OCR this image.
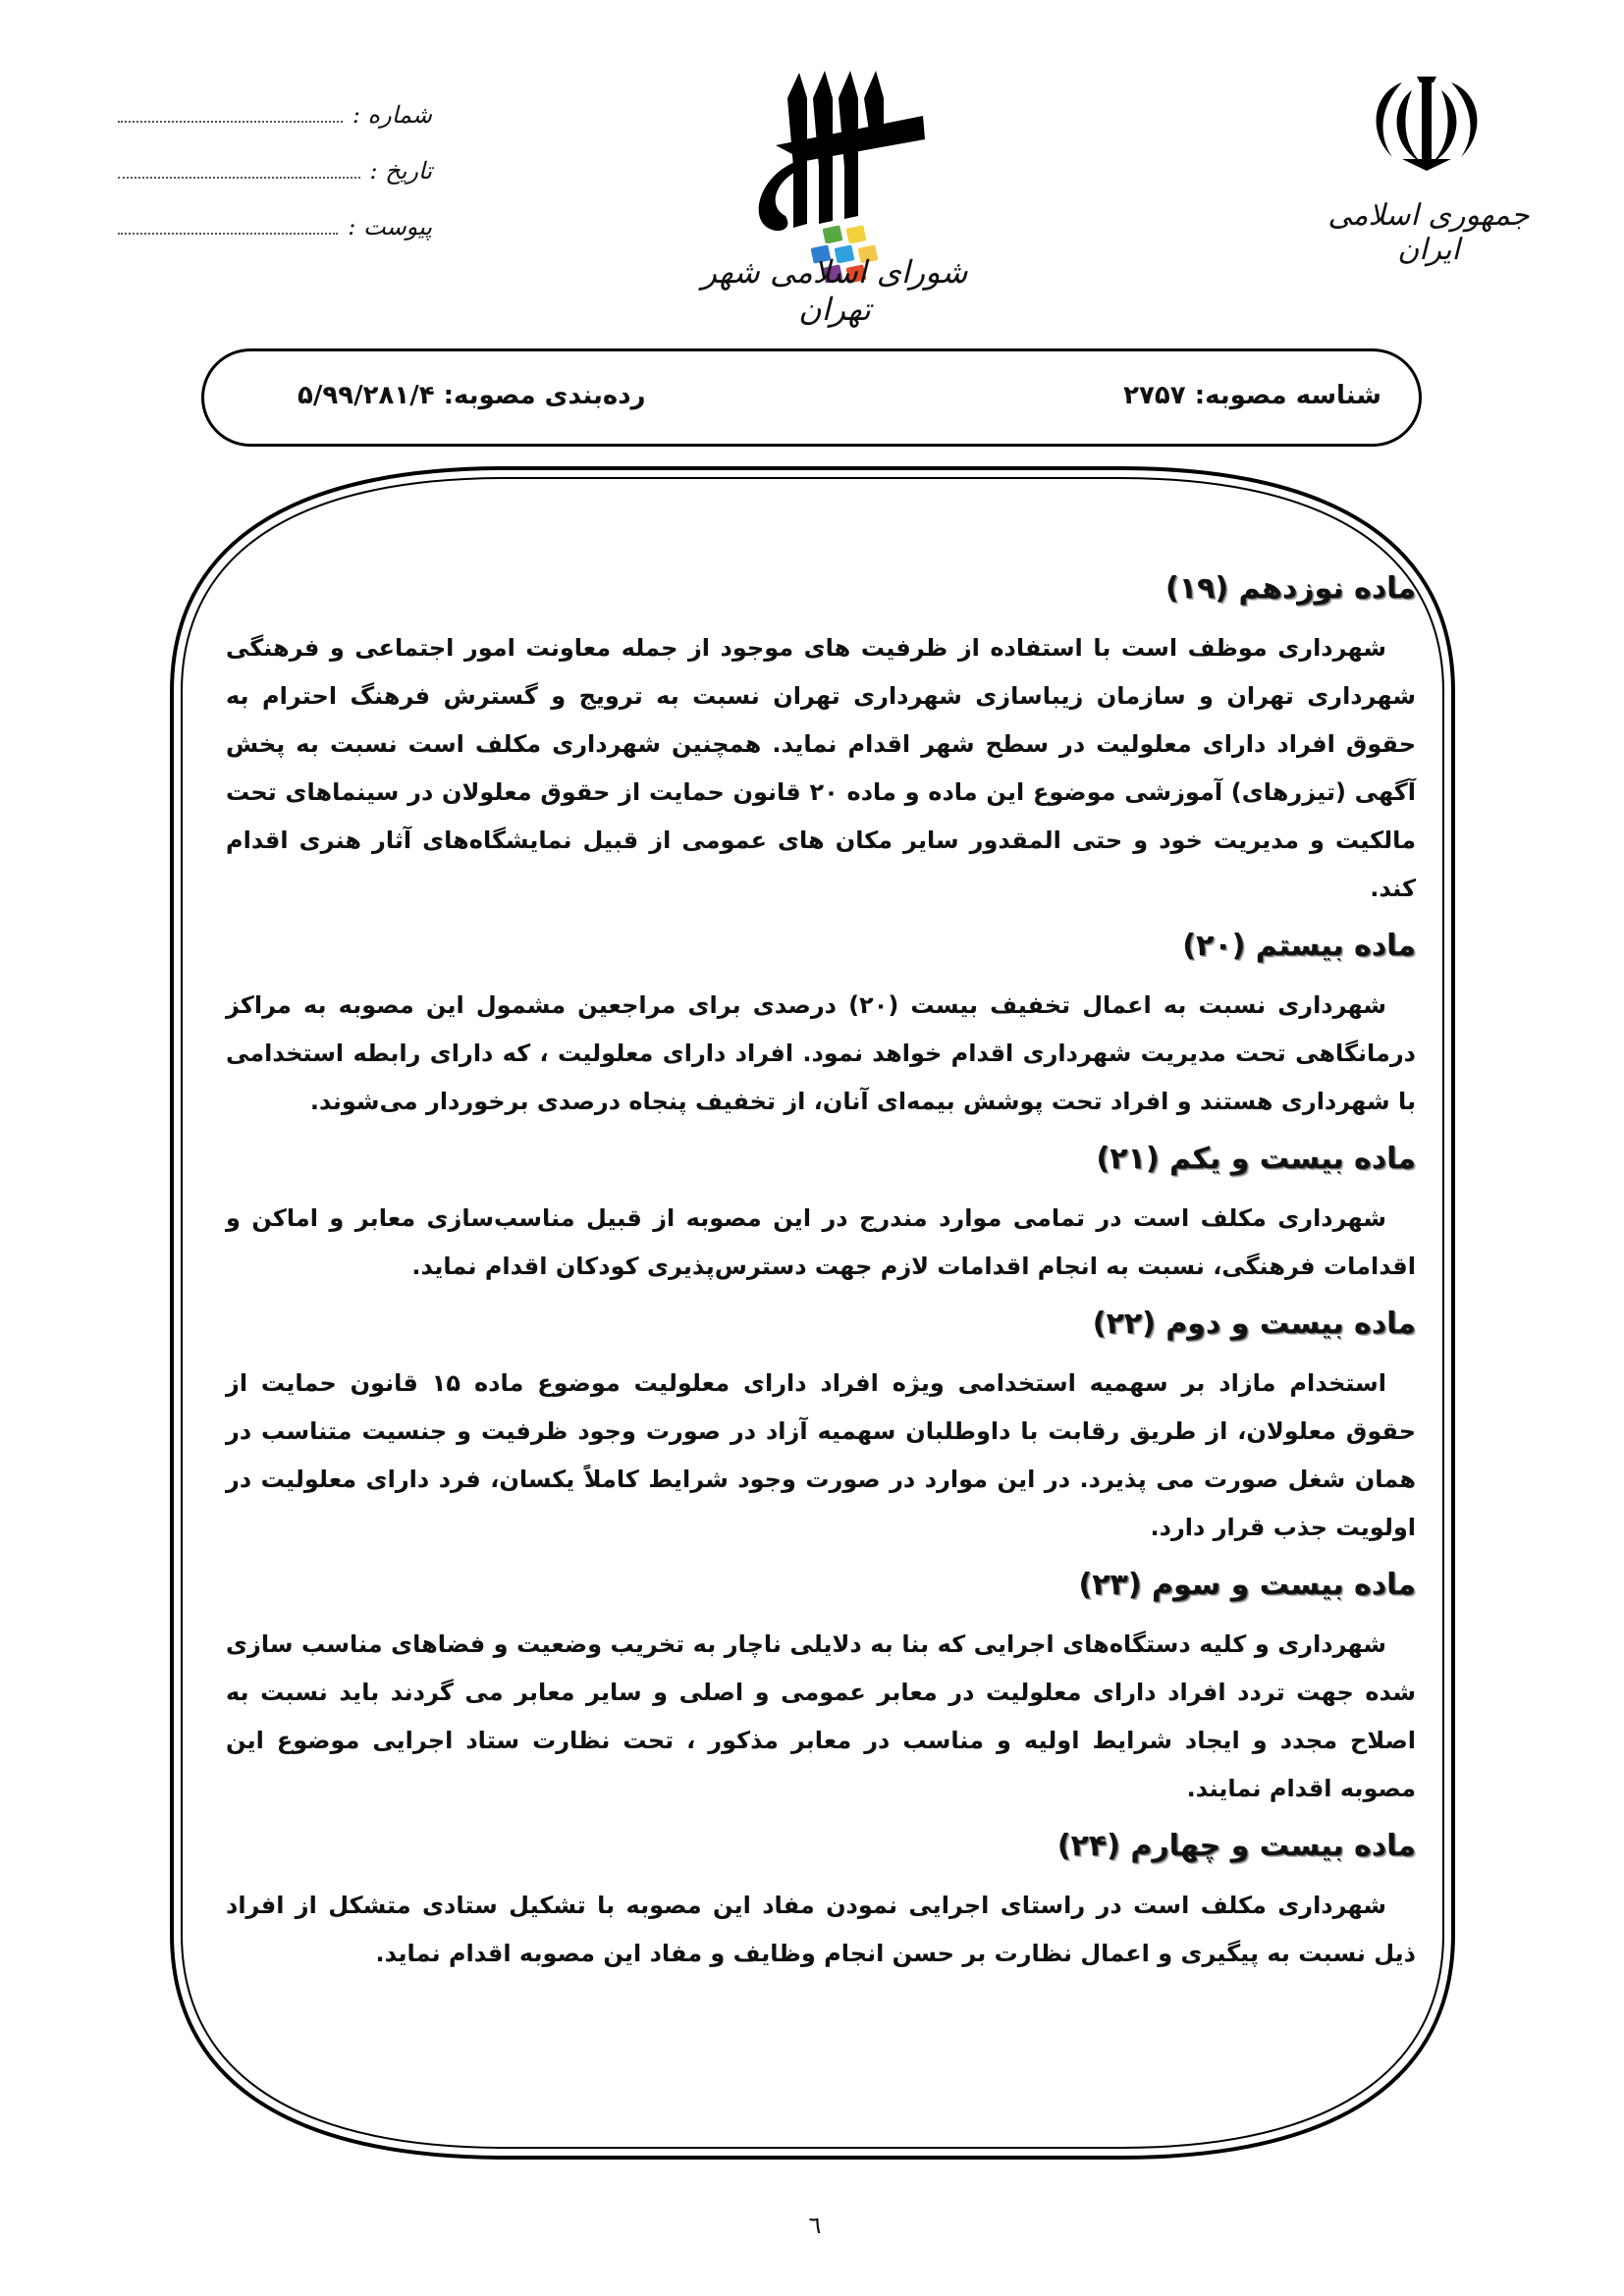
شماره :
تاریخ :
پیوست :
شورای اسلامی شهر تهران
جمهوری اسلامی ایران
شناسه مصوبه: ۲۷۵۷
رده‌بندی مصوبه: ۵/۹۹/۲۸۱/۴
ماده نوزدهم (۱۹)

شهرداری موظف است با استفاده از ظرفیت های موجود از جمله معاونت امور اجتماعی و فرهنگی شهرداری تهران و سازمان زیباسازی شهرداری تهران نسبت به ترویج و گسترش فرهنگ احترام به حقوق افراد دارای معلولیت در سطح شهر اقدام نماید. همچنین شهرداری مکلف است نسبت به پخش آگهی (تیزرهای) آموزشی موضوع این ماده و ماده ۲۰ قانون حمایت از حقوق معلولان در سینماهای تحت مالکیت و مدیریت خود و حتی المقدور سایر مکان های عمومی از قبیل نمایشگاه‌های آثار هنری اقدام کند.

ماده بیستم (۲۰)

شهرداری نسبت به اعمال تخفیف بیست (۲۰) درصدی برای مراجعین مشمول این مصوبه به مراکز درمانگاهی تحت مدیریت شهرداری اقدام خواهد نمود. افراد دارای معلولیت ، که دارای رابطه استخدامی با شهرداری هستند و افراد تحت پوشش بیمه‌ای آنان، از تخفیف پنجاه درصدی برخوردار می‌شوند.

ماده بیست و یکم (۲۱)

شهرداری مکلف است در تمامی موارد مندرج در این مصوبه از قبیل مناسب‌سازی معابر و اماکن و اقدامات فرهنگی، نسبت به انجام اقدامات لازم جهت دسترس‌پذیری کودکان اقدام نماید.

ماده بیست و دوم (۲۲)

استخدام مازاد بر سهمیه استخدامی ویژه افراد دارای معلولیت موضوع ماده ۱۵ قانون حمایت از حقوق معلولان، از طریق رقابت با داوطلبان سهمیه آزاد در صورت وجود ظرفیت و جنسیت متناسب در همان شغل صورت می پذیرد. در این موارد در صورت وجود شرایط کاملاً یکسان، فرد دارای معلولیت در اولویت جذب قرار دارد.

ماده بیست و سوم (۲۳)

شهرداری و کلیه دستگاه‌های اجرایی که بنا به دلایلی ناچار به تخریب وضعیت و فضاهای مناسب سازی شده جهت تردد افراد دارای معلولیت در معابر عمومی و اصلی و سایر معابر می گردند باید نسبت به اصلاح مجدد و ایجاد شرایط اولیه و مناسب در معابر مذکور ، تحت نظارت ستاد اجرایی موضوع این مصوبه اقدام نمایند.

ماده بیست و چهارم (۲۴)

شهرداری مکلف است در راستای اجرایی نمودن مفاد این مصوبه با تشکیل ستادی متشکل از افراد ذیل نسبت به پیگیری و اعمال نظارت بر حسن انجام وظایف و مفاد این مصوبه اقدام نماید.

٦
